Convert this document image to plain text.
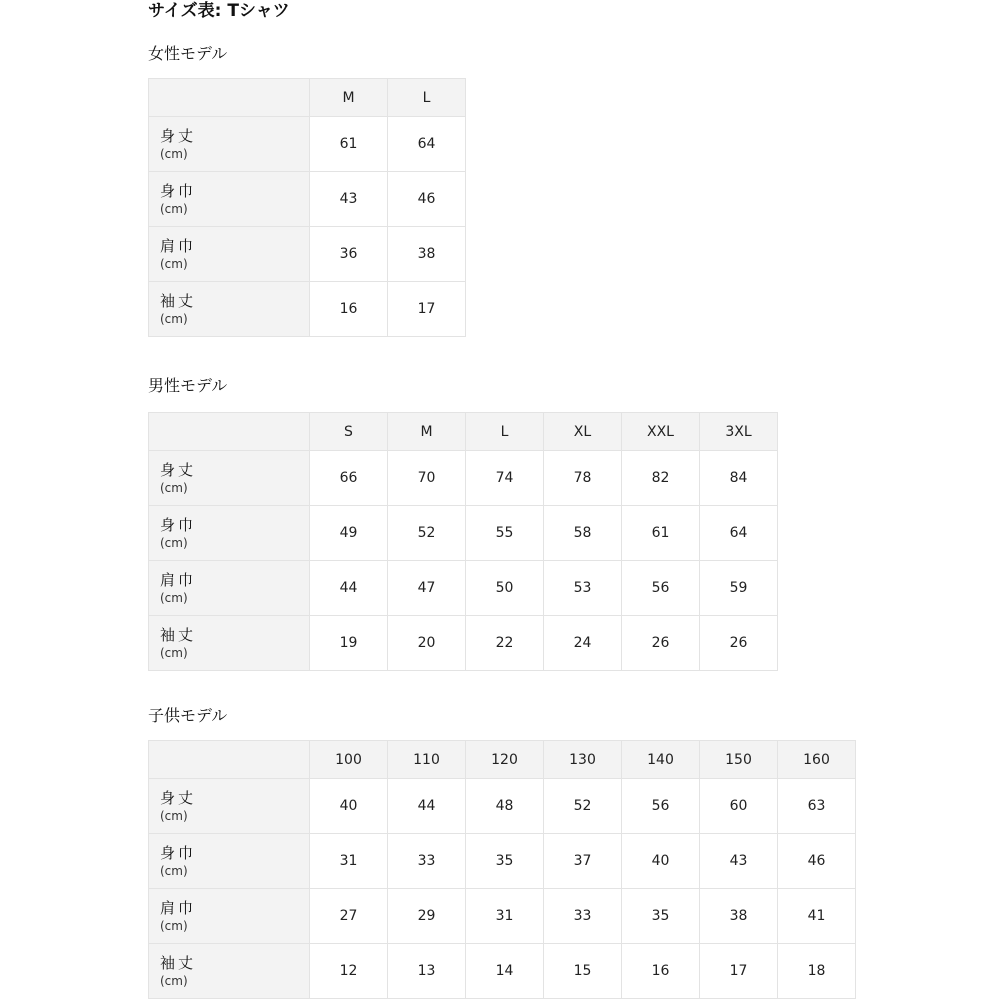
サイズ表: Tシャツ
女性モデル
	M	L

身丈
(cm)	61	64

身巾
(cm)	43	46

肩巾
(cm)	36	38

袖丈
(cm)	16	17
男性モデル
	S	M	L	XL	XXL	3XL

身丈
(cm)	66	70	74	78	82	84

身巾
(cm)	49	52	55	58	61	64

肩巾
(cm)	44	47	50	53	56	59

袖丈
(cm)	19	20	22	24	26	26
子供モデル
	100	110	120	130	140	150	160

身丈
(cm)	40	44	48	52	56	60	63

身巾
(cm)	31	33	35	37	40	43	46

肩巾
(cm)	27	29	31	33	35	38	41

袖丈
(cm)	12	13	14	15	16	17	18
